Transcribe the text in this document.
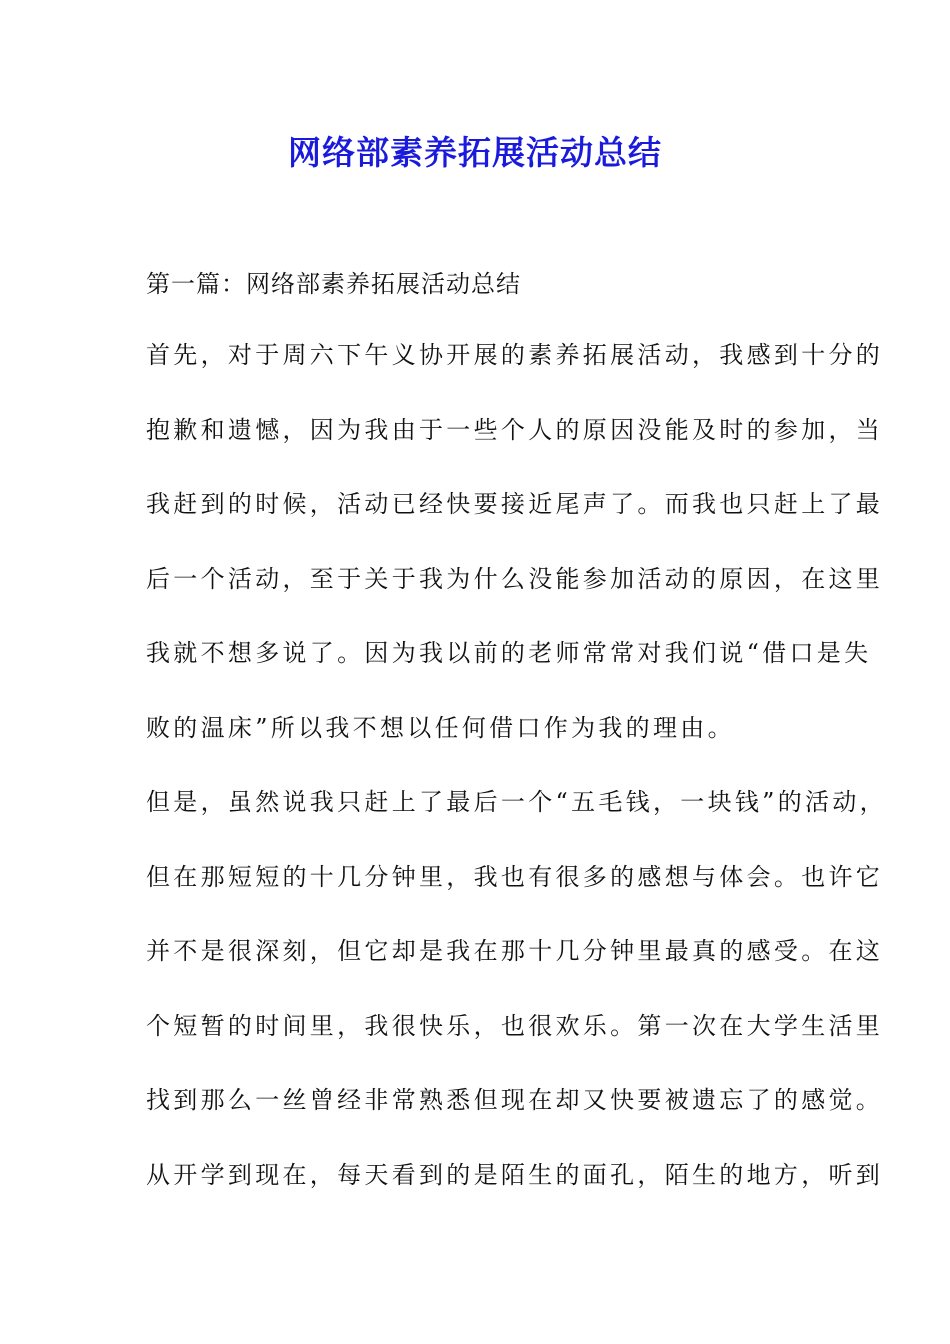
网络部素养拓展活动总结

第一篇：网络部素养拓展活动总结

首先，对于周六下午义协开展的素养拓展活动，我感到十分的

抱歉和遗憾，因为我由于一些个人的原因没能及时的参加，当

我赶到的时候，活动已经快要接近尾声了。而我也只赶上了最

后一个活动，至于关于我为什么没能参加活动的原因，在这里

我就不想多说了。因为我以前的老师常常对我们说“借口是失

败的温床”所以我不想以任何借口作为我的理由。

但是，虽然说我只赶上了最后一个“五毛钱，一块钱”的活动，

但在那短短的十几分钟里，我也有很多的感想与体会。也许它

并不是很深刻，但它却是我在那十几分钟里最真的感受。在这

个短暂的时间里，我很快乐，也很欢乐。第一次在大学生活里

找到那么一丝曾经非常熟悉但现在却又快要被遗忘了的感觉。

从开学到现在，每天看到的是陌生的面孔，陌生的地方，听到
